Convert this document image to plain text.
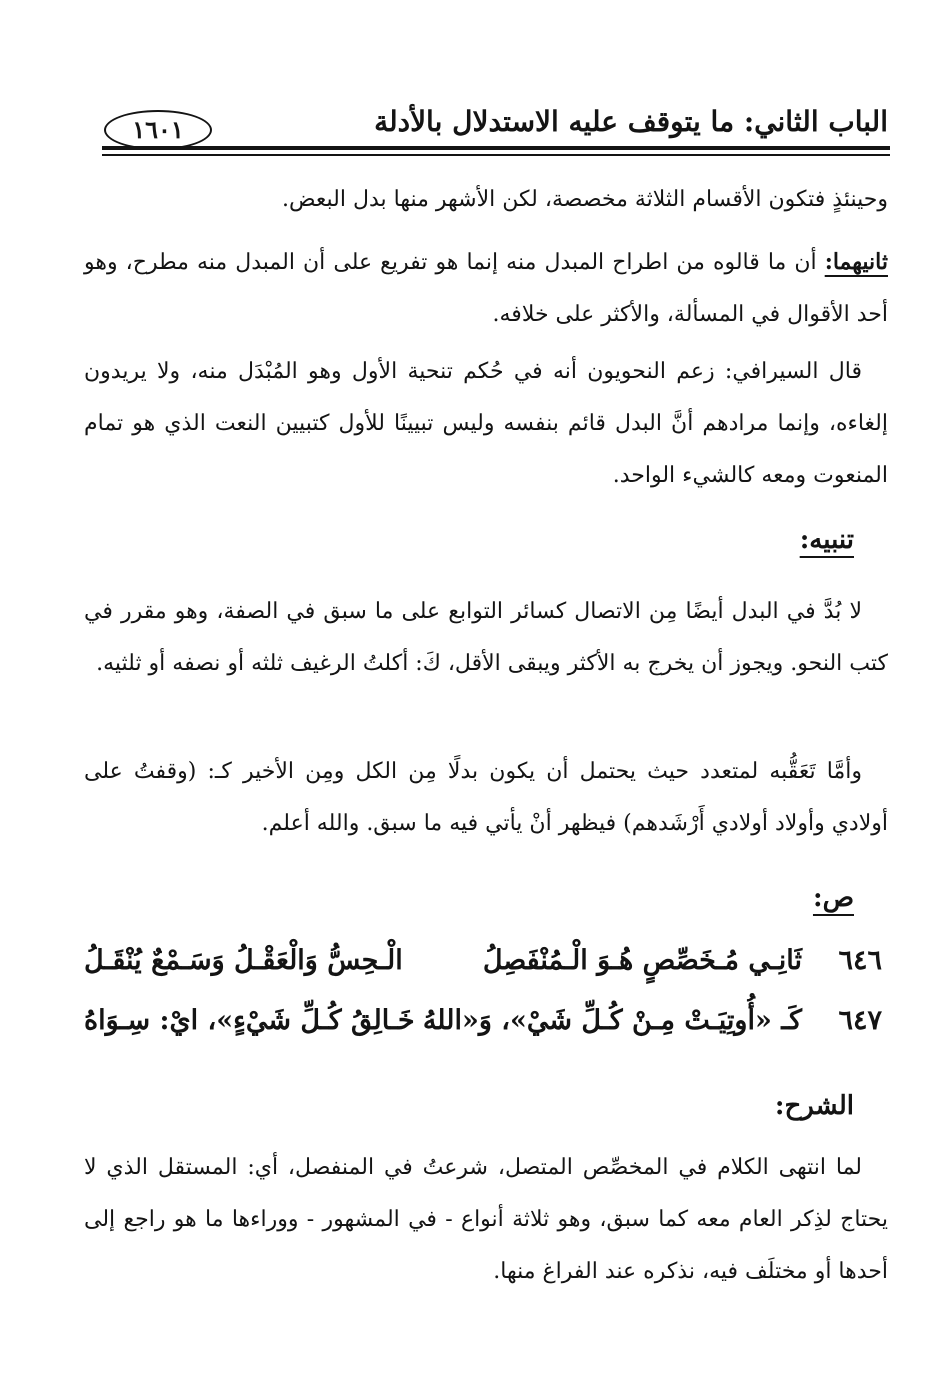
الباب الثاني: ما يتوقف عليه الاستدلال بالأدلة
١٦٠١

وحينئذٍ فتكون الأقسام الثلاثة مخصصة، لكن الأشهر منها بدل البعض.

ثانيهما: أن ما قالوه من اطراح المبدل منه إنما هو تفريع على أن المبدل منه مطرح، وهو أحد الأقوال في المسألة، والأكثر على خلافه.

قال السيرافي: زعم النحويون أنه في حُكم تنحية الأول وهو المُبْدَل منه، ولا يريدون إلغاءه، وإنما مرادهم أنَّ البدل قائم بنفسه وليس تبيينًا للأول كتبيين النعت الذي هو تمام المنعوت ومعه كالشيء الواحد.

تنبيه:

لا بُدَّ في البدل أيضًا مِن الاتصال كسائر التوابع على ما سبق في الصفة، وهو مقرر في كتب النحو. ويجوز أن يخرج به الأكثر ويبقى الأقل، كَ: أكلتُ الرغيف ثلثه أو نصفه أو ثلثيه.

وأمَّا تَعَقُّبه لمتعدد حيث يحتمل أن يكون بدلًا مِن الكل ومِن الأخير كـ: (وقفتُ على أولادي وأولاد أولادي أَرْشَدهم) فيظهر أنْ يأتي فيه ما سبق. والله أعلم.

ص:
٦٤٦
ثَانِـي مُـخَصِّصٍ هُـوَ الْـمُنْفَصِلُ
الْـحِسُّ وَالْعَقْـلُ وَسَـمْعٌ يُنْقَـلُ
٦٤٧
كَـ «أُوتِيَـتْ مِـنْ كُـلِّ شَيْ»، وَ«اللهُ
خَـالِقُ كُـلِّ شَيْءٍ»، ايْ: سِـوَاهُ
الشرح:

لما انتهى الكلام في المخصِّص المتصل، شرعتُ في المنفصل، أي: المستقل الذي لا يحتاج لذِكر العام معه كما سبق، وهو ثلاثة أنواع - في المشهور - ووراءها ما هو راجع إلى أحدها أو مختلَف فيه، نذكره عند الفراغ منها.
